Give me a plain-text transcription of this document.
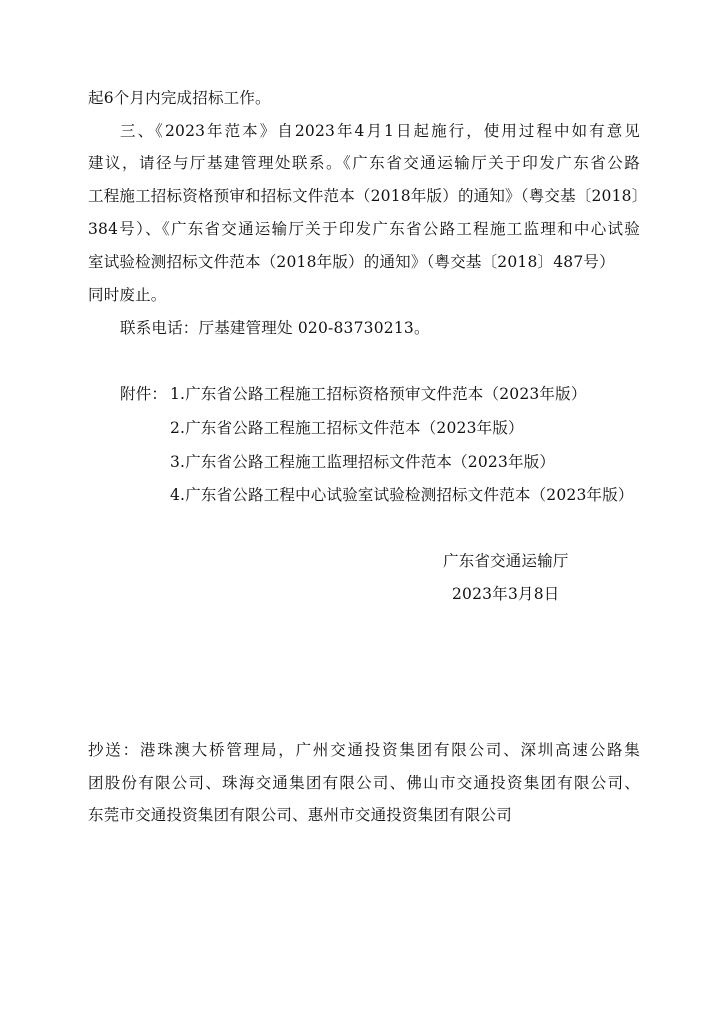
起6个月内完成招标工作。
三、《2023年范本》自2023年4月1日起施行，使用过程中如有意见
建议，请径与厅基建管理处联系。《广东省交通运输厅关于印发广东省公路
工程施工招标资格预审和招标文件范本（2018年版）的通知》（粤交基〔2018〕
384号）、《广东省交通运输厅关于印发广东省公路工程施工监理和中心试验
室试验检测招标文件范本（2018年版）的通知》（粤交基〔2018〕487号）
同时废止。
联系电话：厅基建管理处 020-83730213。
附件： 1.广东省公路工程施工招标资格预审文件范本（2023年版）
2.广东省公路工程施工招标文件范本（2023年版）
3.广东省公路工程施工监理招标文件范本（2023年版）
4.广东省公路工程中心试验室试验检测招标文件范本（2023年版）
广东省交通运输厅
2023年3月8日
抄送：港珠澳大桥管理局，广州交通投资集团有限公司、深圳高速公路集
团股份有限公司、珠海交通集团有限公司、佛山市交通投资集团有限公司、
东莞市交通投资集团有限公司、惠州市交通投资集团有限公司
